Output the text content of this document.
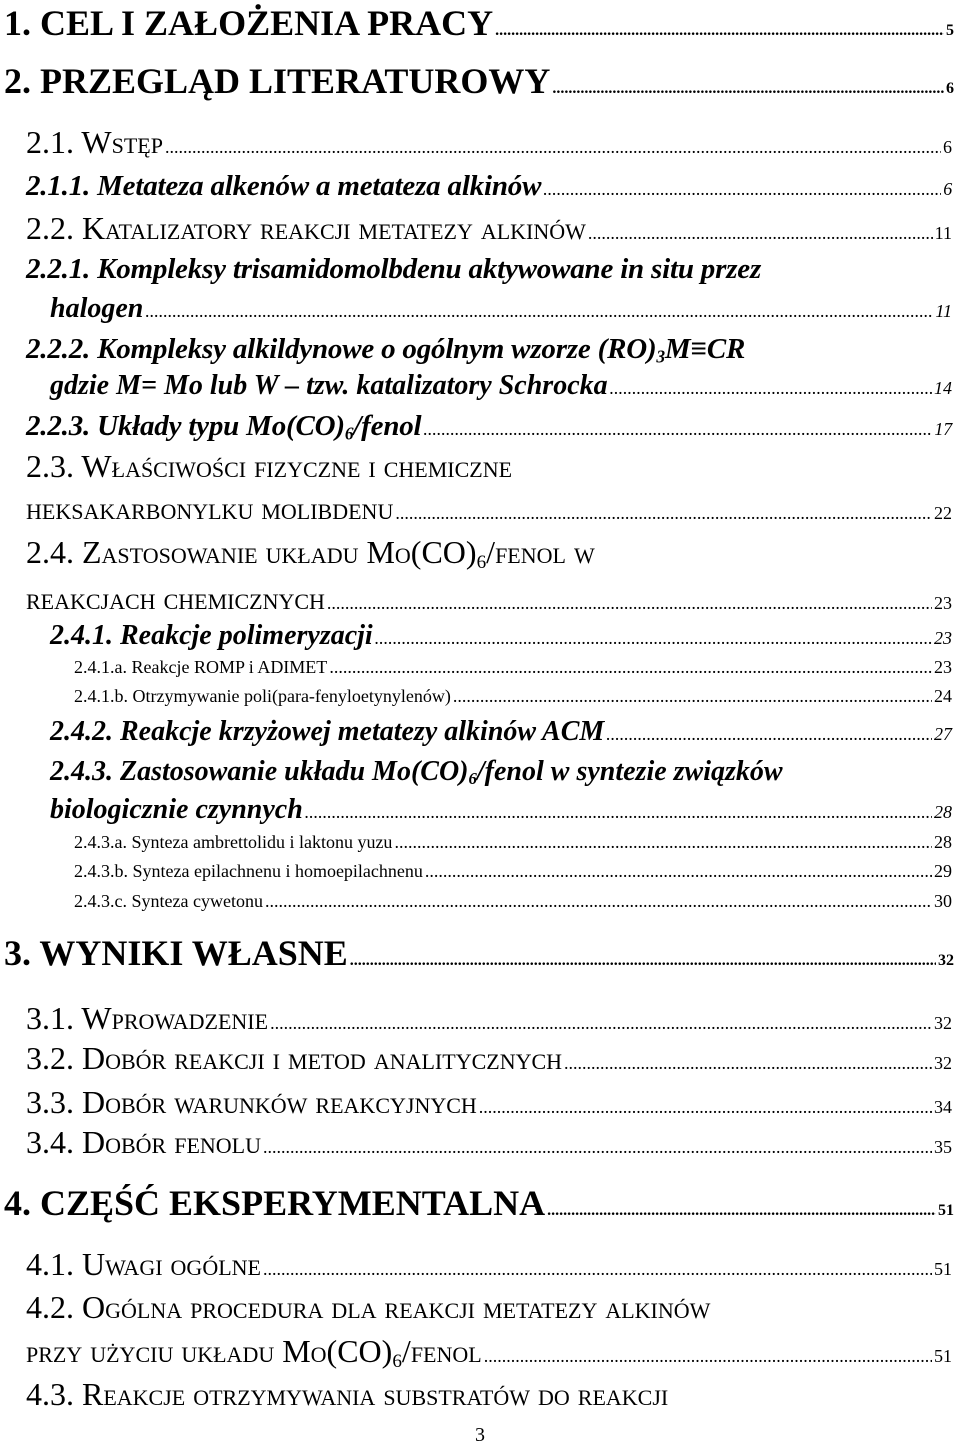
1. CEL I ZAŁOŻENIA PRACY .....	5
2. PRZEGLĄD LITERATUROWY .....	6
2.1. Wstęp .....	6
2.1.1. Metateza alkenów a metateza alkinów .....	6
2.2. Katalizatory reakcji metatezy alkinów .....	11
2.2.1. Kompleksy trisamidomolbdenu aktywowane in situ przez
halogen .....	11
2.2.2. Kompleksy alkildynowe o ogólnym wzorze $(RO)_3M\equiv CR$
gdzie M= Mo lub W – tzw. katalizatory Schrocka .....	14
2.2.3. Układy typu $Mo(CO)_6$/fenol .....	17
2.3. Właściwości fizyczne i chemiczne
heksakarbonylku molibdenu .....	22
2.4. Zastosowanie układu $Mo(CO)_6$/fenol w
reakcjach chemicznych .....	23
2.4.1. Reakcje polimeryzacji .....	23
2.4.1.a. Reakcje ROMP i ADIMET .....	23
2.4.1.b. Otrzymywanie poli(para-fenyloetynylenów) .....	24
2.4.2. Reakcje krzyżowej metatezy alkinów ACM .....	27
2.4.3. Zastosowanie układu $Mo(CO)_6$/fenol w syntezie związków
biologicznie czynnych .....	28
2.4.3.a. Synteza ambrettolidu i laktonu yuzu .....	28
2.4.3.b. Synteza epilachnenu i homoepilachnenu .....	29
2.4.3.c. Synteza cywetonu .....	30
3. WYNIKI WŁASNE .....	32
3.1. Wprowadzenie .....	32
3.2. Dobór reakcji i metod analitycznych .....	32
3.3. Dobór warunków reakcyjnych .....	34
3.4. Dobór fenolu .....	35
4. CZĘŚĆ EKSPERYMENTALNA .....	51
4.1. Uwagi ogólne .....	51
4.2. Ogólna procedura dla reakcji metatezy alkinów
przy użyciu układu $Mo(CO)_6$/fenol .....	51
4.3. Reakcje otrzymywania substratów do reakcji
3
